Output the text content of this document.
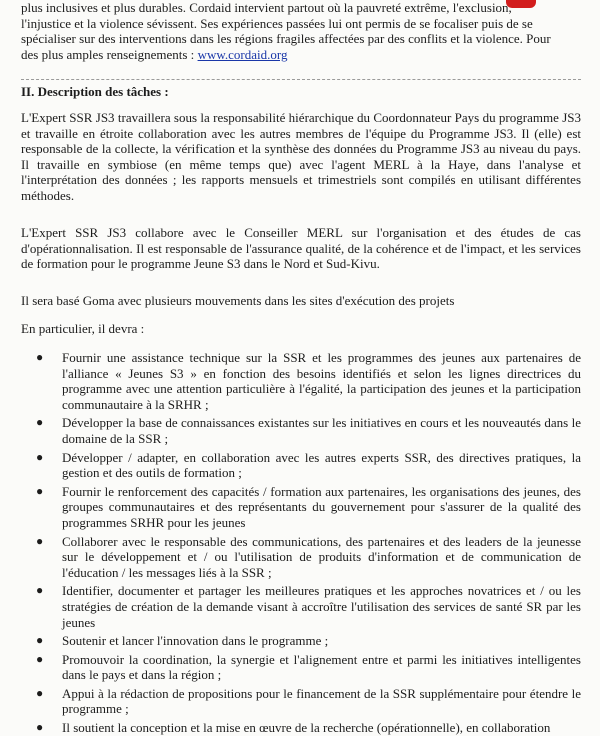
plus inclusives et plus durables. Cordaid intervient partout où la pauvreté extrême, l'exclusion,
l'injustice et la violence sévissent. Ses expériences passées lui ont permis de se focaliser puis de se
spécialiser sur des interventions dans les régions fragiles affectées par des conflits et la violence. Pour
des plus amples renseignements : www.cordaid.org
II. Description des tâches :
L'Expert SSR JS3 travaillera sous la responsabilité hiérarchique du Coordonnateur Pays du programme JS3 et travaille en étroite collaboration avec les autres membres de l'équipe du Programme JS3. Il (elle) est responsable de la collecte, la vérification et la synthèse des données du Programme JS3 au niveau du pays. Il travaille en symbiose (en même temps que) avec l'agent MERL à la Haye, dans l'analyse et l'interprétation des données ; les rapports mensuels et trimestriels sont compilés en utilisant différentes méthodes.
L'Expert SSR JS3 collabore avec le Conseiller MERL sur l'organisation et des études de cas d'opérationnalisation. Il est responsable de l'assurance qualité, de la cohérence et de l'impact, et les services de formation pour le programme Jeune S3 dans le Nord et Sud-Kivu.
Il sera basé Goma avec plusieurs mouvements dans les sites d'exécution des projets
En particulier, il devra :
● Fournir une assistance technique sur la SSR et les programmes des jeunes aux partenaires de l'alliance « Jeunes S3 » en fonction des besoins identifiés et selon les lignes directrices du programme avec une attention particulière à l'égalité, la participation des jeunes et la participation communautaire à la SRHR ;
● Développer la base de connaissances existantes sur les initiatives en cours et les nouveautés dans le domaine de la SSR ;
● Développer / adapter, en collaboration avec les autres experts SSR, des directives pratiques, la gestion et des outils de formation ;
● Fournir le renforcement des capacités / formation aux partenaires, les organisations des jeunes, des groupes communautaires et des représentants du gouvernement pour s'assurer de la qualité des programmes SRHR pour les jeunes
● Collaborer avec le responsable des communications, des partenaires et des leaders de la jeunesse sur le développement et / ou l'utilisation de produits d'information et de communication de l'éducation / les messages liés à la SSR ;
● Identifier, documenter et partager les meilleures pratiques et les approches novatrices et / ou les stratégies de création de la demande visant à accroître l'utilisation des services de santé SR par les jeunes
● Soutenir et lancer l'innovation dans le programme ;
● Promouvoir la coordination, la synergie et l'alignement entre et parmi les initiatives intelligentes dans le pays et dans la région ;
● Appui à la rédaction de propositions pour le financement de la SSR supplémentaire pour étendre le programme ;
● Il soutient la conception et la mise en œuvre de la recherche (opérationnelle), en collaboration
